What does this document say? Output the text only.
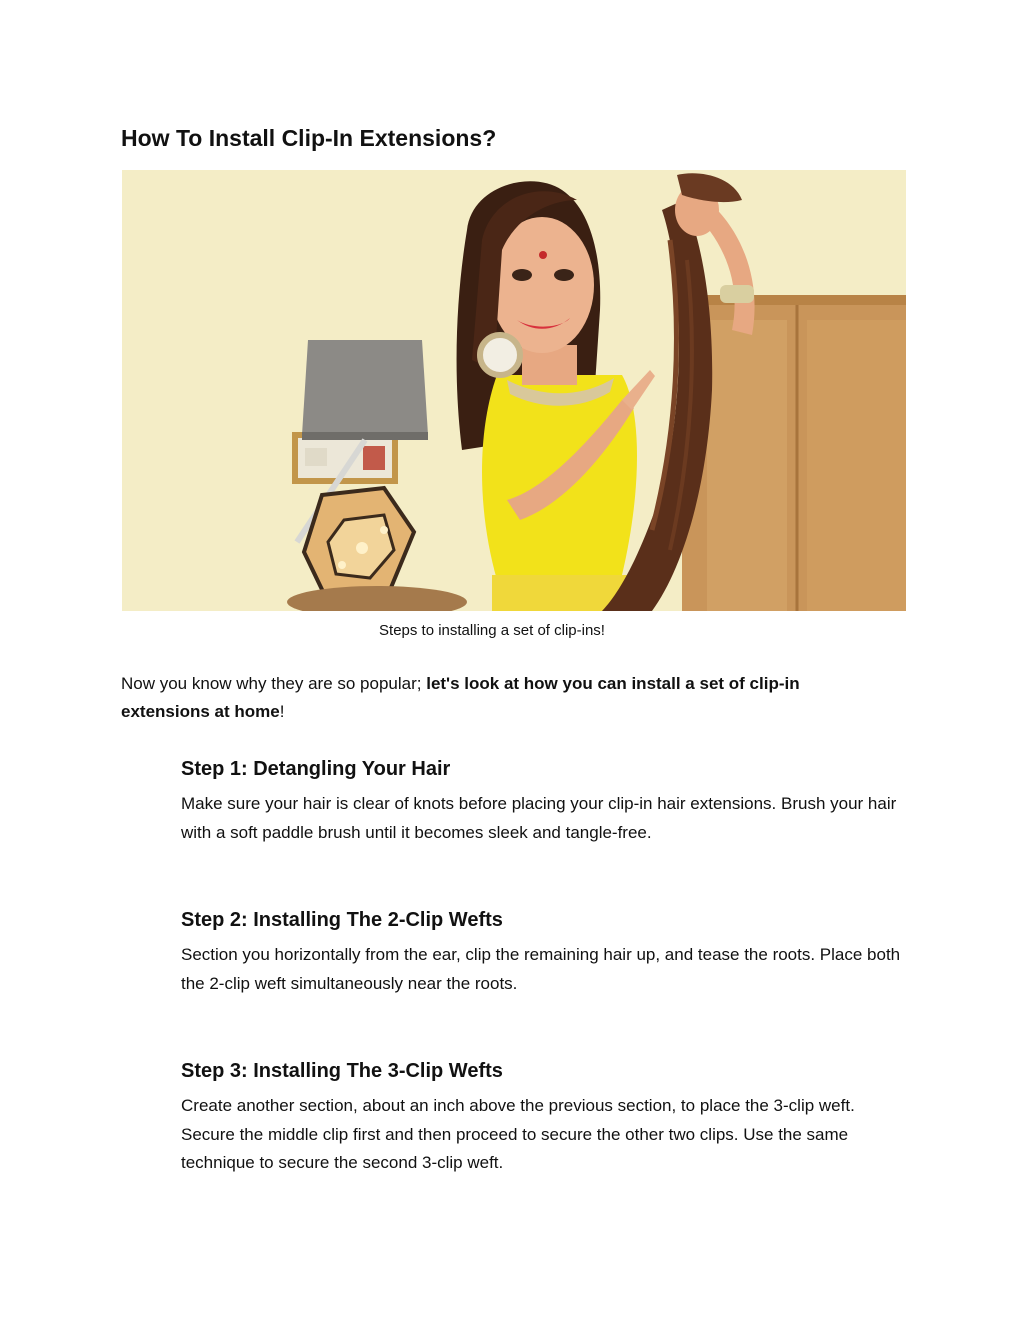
How To Install Clip-In Extensions?
Steps to installing a set of clip-ins!

Now you know why they are so popular; let's look at how you can install a set of clip-in extensions at home!

Step 1: Detangling Your Hair

Make sure your hair is clear of knots before placing your clip-in hair extensions. Brush your hair with a soft paddle brush until it becomes sleek and tangle-free.

Step 2: Installing The 2-Clip Wefts

Section you horizontally from the ear, clip the remaining hair up, and tease the roots. Place both the 2-clip weft simultaneously near the roots.

Step 3: Installing The 3-Clip Wefts

Create another section, about an inch above the previous section, to place the 3-clip weft. Secure the middle clip first and then proceed to secure the other two clips. Use the same technique to secure the second 3-clip weft.
